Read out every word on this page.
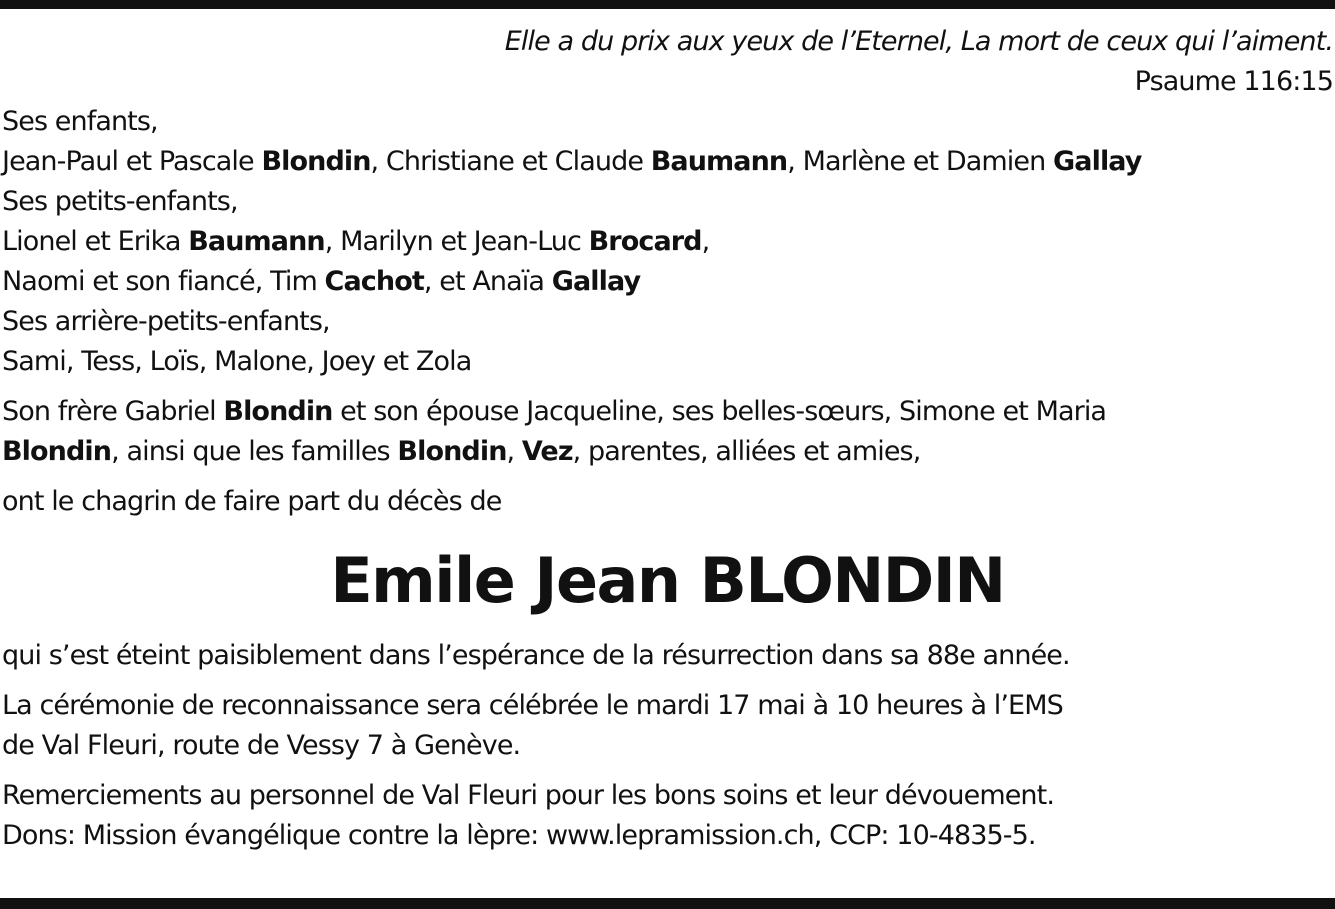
Elle a du prix aux yeux de l’Eternel, La mort de ceux qui l’aiment.
Psaume 116:15
Ses enfants,
Jean-Paul et Pascale Blondin, Christiane et Claude Baumann, Marlène et Damien Gallay
Ses petits-enfants,
Lionel et Erika Baumann, Marilyn et Jean-Luc Brocard,
Naomi et son fiancé, Tim Cachot, et Anaïa Gallay
Ses arrière-petits-enfants,
Sami, Tess, Loïs, Malone, Joey et Zola
Son frère Gabriel Blondin et son épouse Jacqueline, ses belles-sœurs, Simone et Maria
Blondin, ainsi que les familles Blondin, Vez, parentes, alliées et amies,
ont le chagrin de faire part du décès de
Emile Jean BLONDIN
qui s’est éteint paisiblement dans l’espérance de la résurrection dans sa 88e année.
La cérémonie de reconnaissance sera célébrée le mardi 17 mai à 10 heures à l’EMS
de Val Fleuri, route de Vessy 7 à Genève.
Remerciements au personnel de Val Fleuri pour les bons soins et leur dévouement.
Dons: Mission évangélique contre la lèpre: www.lepramission.ch, CCP: 10-4835-5.
